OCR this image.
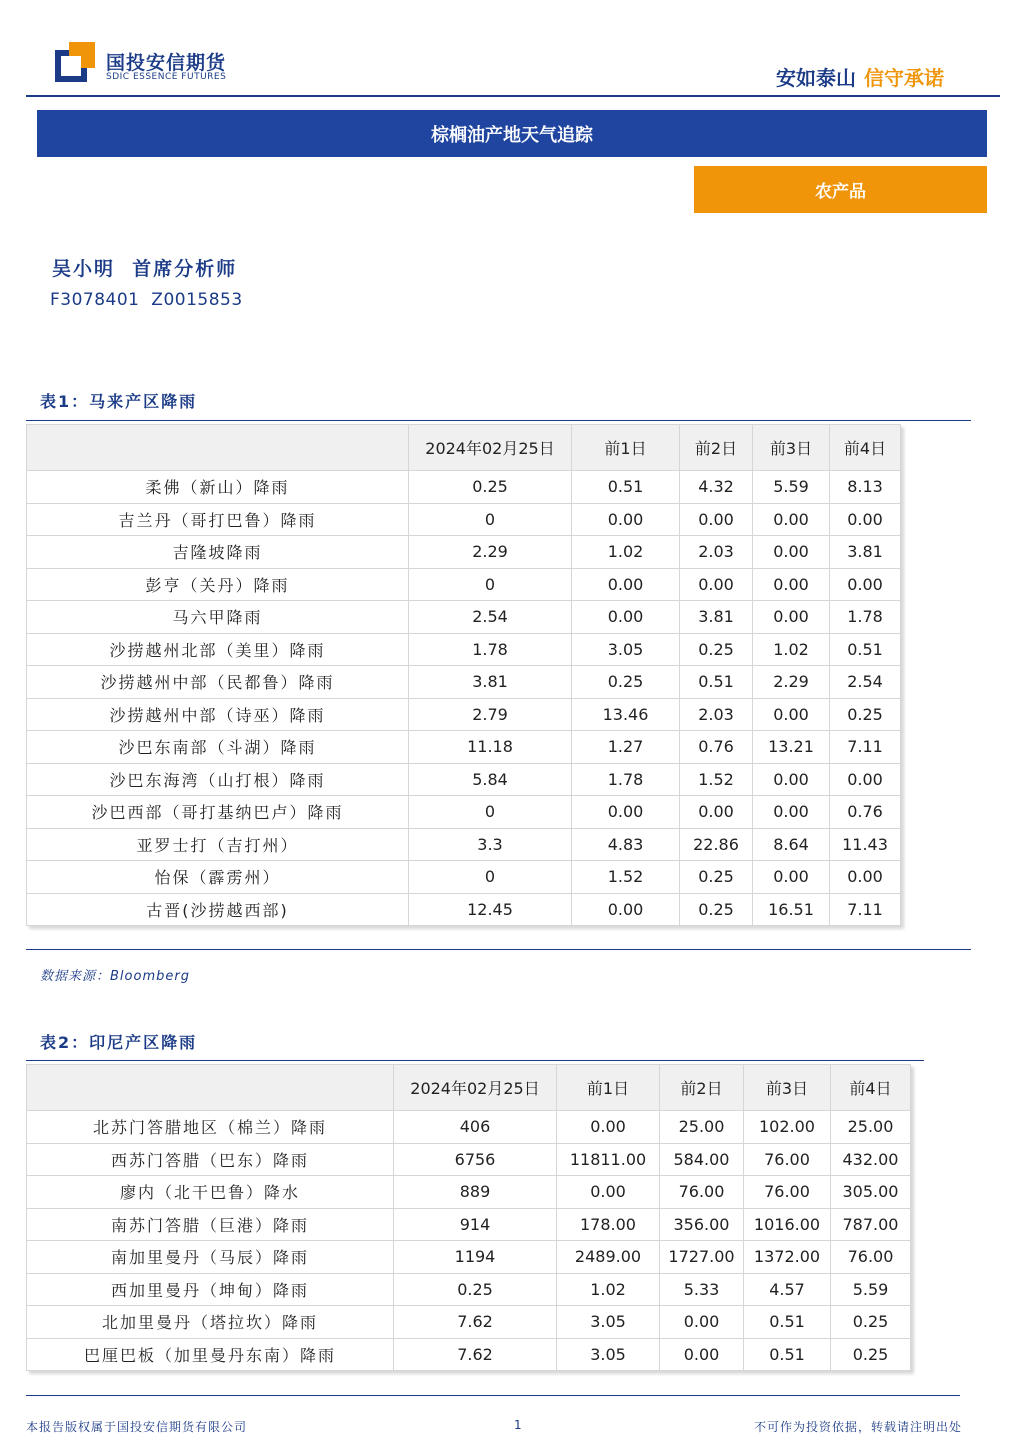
国投安信期货
SDIC ESSENCE FUTURES	安如泰山 信守承诺
棕榈油产地天气追踪
农产品
吴小明  首席分析师
F3078401  Z0015853
表1：马来产区降雨
	2024年02月25日	前1日	前2日	前3日	前4日
柔佛（新山）降雨	0.25	0.51	4.32	5.59	8.13
吉兰丹（哥打巴鲁）降雨	0	0.00	0.00	0.00	0.00
吉隆坡降雨	2.29	1.02	2.03	0.00	3.81
彭亨（关丹）降雨	0	0.00	0.00	0.00	0.00
马六甲降雨	2.54	0.00	3.81	0.00	1.78
沙捞越州北部（美里）降雨	1.78	3.05	0.25	1.02	0.51
沙捞越州中部（民都鲁）降雨	3.81	0.25	0.51	2.29	2.54
沙捞越州中部（诗巫）降雨	2.79	13.46	2.03	0.00	0.25
沙巴东南部（斗湖）降雨	11.18	1.27	0.76	13.21	7.11
沙巴东海湾（山打根）降雨	5.84	1.78	1.52	0.00	0.00
沙巴西部（哥打基纳巴卢）降雨	0	0.00	0.00	0.00	0.76
亚罗士打（吉打州）	3.3	4.83	22.86	8.64	11.43
怡保（霹雳州）	0	1.52	0.25	0.00	0.00
古晋(沙捞越西部)	12.45	0.00	0.25	16.51	7.11
数据来源：Bloomberg
表2：印尼产区降雨
	2024年02月25日	前1日	前2日	前3日	前4日
北苏门答腊地区（棉兰）降雨	406	0.00	25.00	102.00	25.00
西苏门答腊（巴东）降雨	6756	11811.00	584.00	76.00	432.00
廖内（北干巴鲁）降水	889	0.00	76.00	76.00	305.00
南苏门答腊（巨港）降雨	914	178.00	356.00	1016.00	787.00
南加里曼丹（马辰）降雨	1194	2489.00	1727.00	1372.00	76.00
西加里曼丹（坤甸）降雨	0.25	1.02	5.33	4.57	5.59
北加里曼丹（塔拉坎）降雨	7.62	3.05	0.00	0.51	0.25
巴厘巴板（加里曼丹东南）降雨	7.62	3.05	0.00	0.51	0.25
本报告版权属于国投安信期货有限公司	1	不可作为投资依据，转载请注明出处
